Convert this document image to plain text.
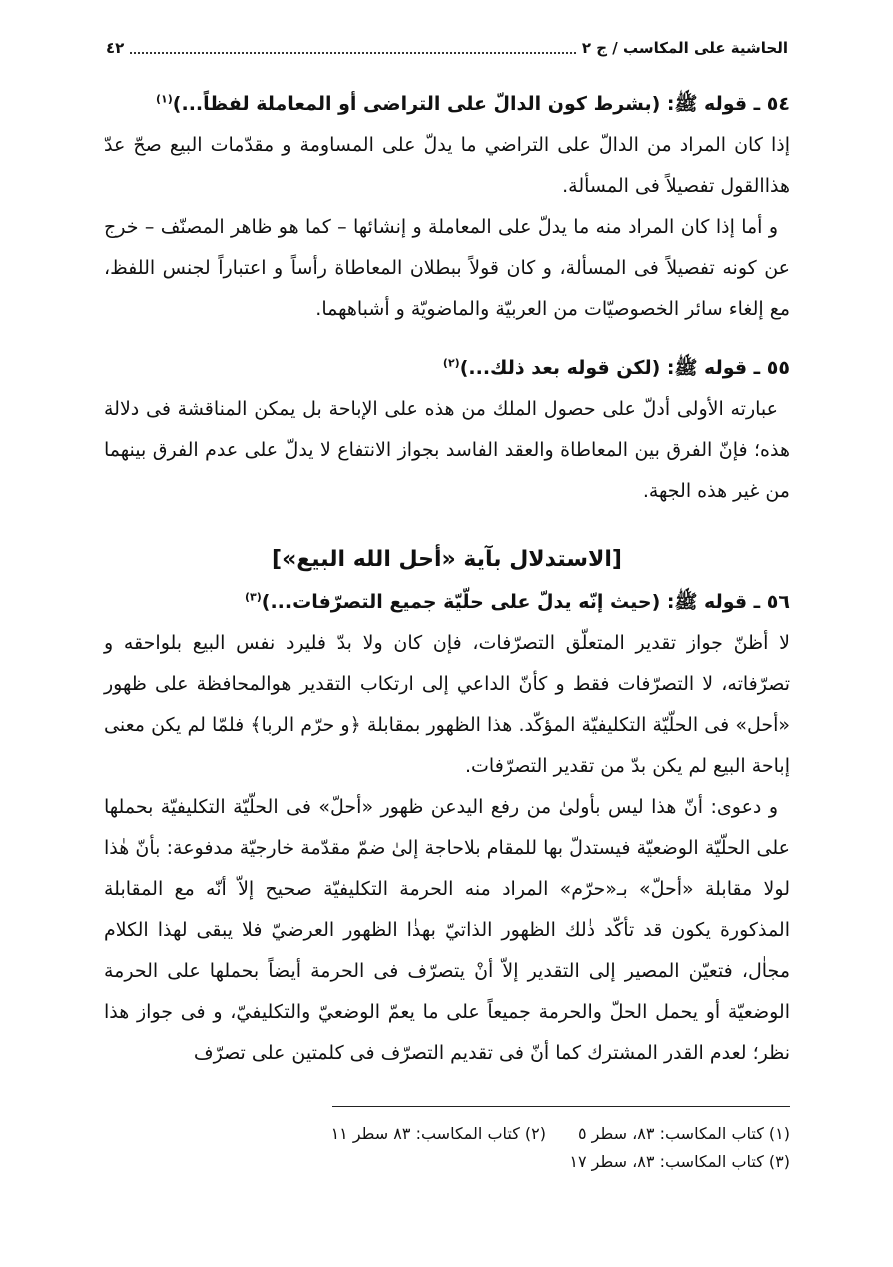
الحاشية على المكاسب / ج ٢
٤٢

٥٤ ـ قوله ﷺ: (بشرط كون الدالّ على التراضى أو المعاملة لفظاً...)$^{(١)}$

إذا كان المراد من الدالّ على التراضي ما يدلّ على المساومة و مقدّمات البيع صحّ عدّ هذاالقول تفصيلاً فى المسألة.

و أما إذا كان المراد منه ما يدلّ على المعاملة و إنشائها – كما هو ظاهر المصنّف – خرج عن كونه تفصيلاً فى المسألة، و كان قولاً ببطلان المعاطاة رأساً و اعتباراً لجنس اللفظ، مع إلغاء سائر الخصوصيّات من العربيّة والماضويّة و أشباههما.

٥٥ ـ قوله ﷺ: (لكن قوله بعد ذلك...)$^{(٢)}$

عبارته الأولى أدلّ على حصول الملك من هذه على الإباحة بل يمكن المناقشة فى دلالة هذه؛ فإنّ الفرق بين المعاطاة والعقد الفاسد بجواز الانتفاع لا يدلّ على عدم الفرق بينهما من غير هذه الجهة.

[الاستدلال بآية «أحل الله البيع»]

٥٦ ـ قوله ﷺ: (حيث إنّه يدلّ على حلّيّة جميع التصرّفات...)$^{(٣)}$

لا أظنّ جواز تقدير المتعلّق التصرّفات، فإن كان ولا بدّ فليرد نفس البيع بلواحقه و تصرّفاته، لا التصرّفات فقط و كأنّ الداعي إلى ارتكاب التقدير هوالمحافظة على ظهور «أحل» فى الحلّيّة التكليفيّة المؤكّد. هذا الظهور بمقابلة ﴿و حرّم الربا﴾ فلمّا لم يكن معنى إباحة البيع لم يكن بدّ من تقدير التصرّفات.

و دعوى: أنّ هذا ليس بأولىٰ من رفع اليدعن ظهور «أحلّ» فى الحلّيّة التكليفيّة بحملها على الحلّيّة الوضعيّة فيستدلّ بها للمقام بلاحاجة إلىٰ ضمّ مقدّمة خارجيّة مدفوعة: بأنّ هٰذا لولا مقابلة «أحلّ» بـ«حرّم» المراد منه الحرمة التكليفيّة صحيح إلاّ أنّه مع المقابلة المذكورة يكون قد تأكّد ذٰلك الظهور الذاتيّ بهذٰا الظهور العرضيّ فلا يبقى لهذا الكلام مجاٰل، فتعيّن المصير إلى التقدير إلاّ أنْ يتصرّف فى الحرمة أيضاً بحملها على الحرمة الوضعيّة أو يحمل الحلّ والحرمة جميعاً على ما يعمّ الوضعيّ والتكليفيّ، و فى جواز هذا نظر؛ لعدم القدر المشترك كما أنّ فى تقديم التصرّف فى كلمتين على تصرّف

(١) كتاب المكاسب: ٨٣، سطر ٥
(٢) كتاب المكاسب: ٨٣ سطر ١١
(٣) كتاب المكاسب: ٨٣، سطر ١٧
